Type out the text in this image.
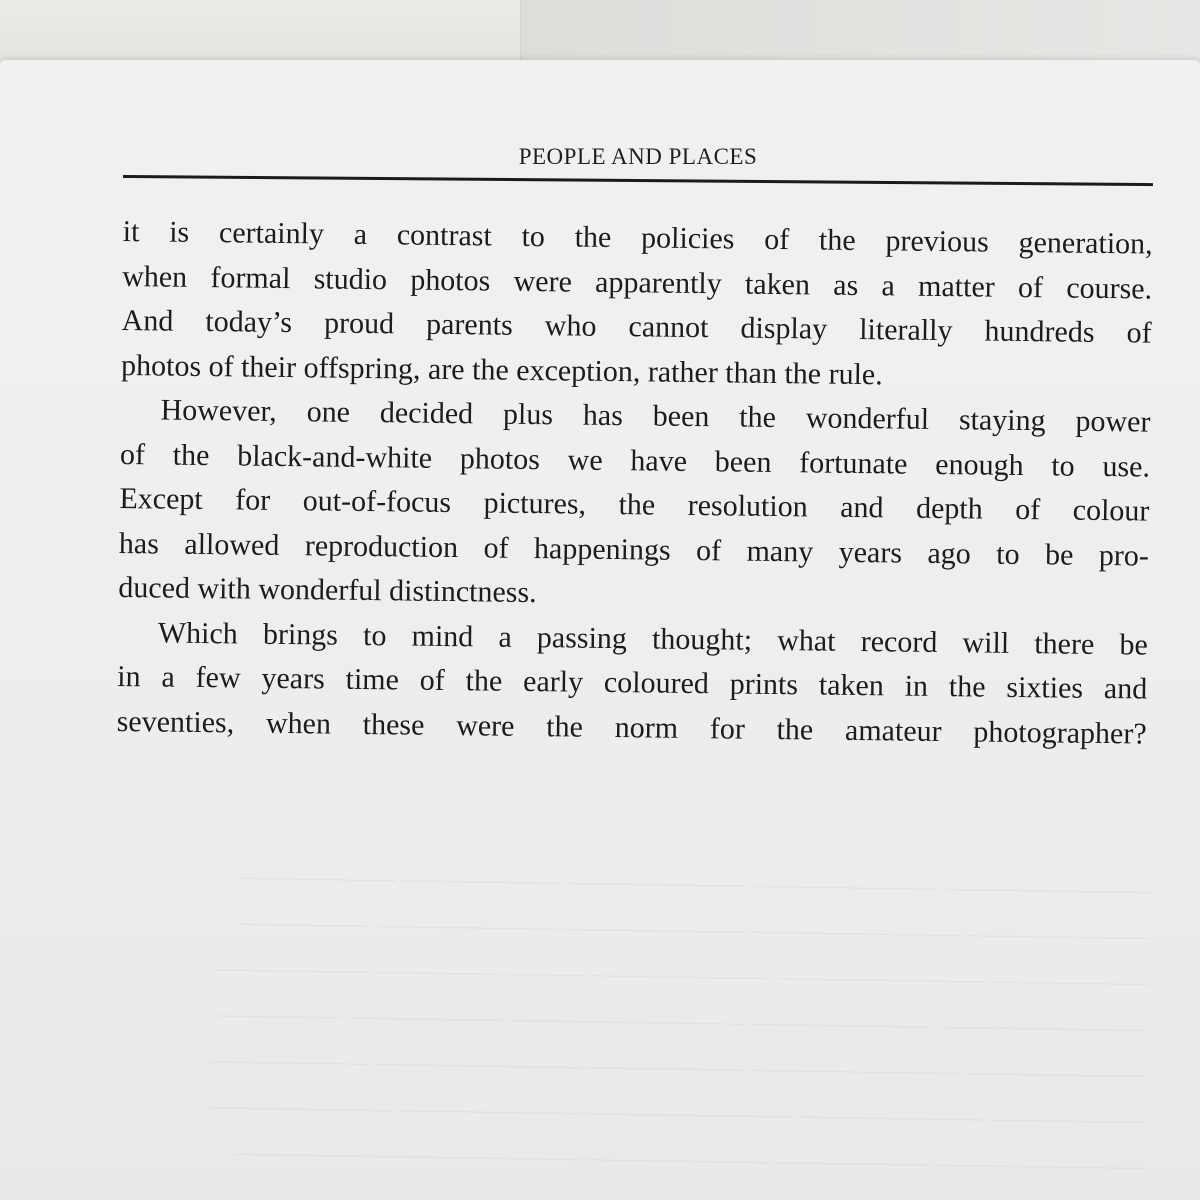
PEOPLE AND PLACES
it is certainly a contrast to the policies of the previous generation,
when formal studio photos were apparently taken as a matter of course.
And today’s proud parents who cannot display literally hundreds of
photos of their offspring, are the exception, rather than the rule.
However, one decided plus has been the wonderful staying power
of the black-and-white photos we have been fortunate enough to use.
Except for out-of-focus pictures, the resolution and depth of colour
has allowed reproduction of happenings of many years ago to be pro-
duced with wonderful distinctness.
Which brings to mind a passing thought; what record will there be
in a few years time of the early coloured prints taken in the sixties and
seventies, when these were the norm for the amateur photographer?
